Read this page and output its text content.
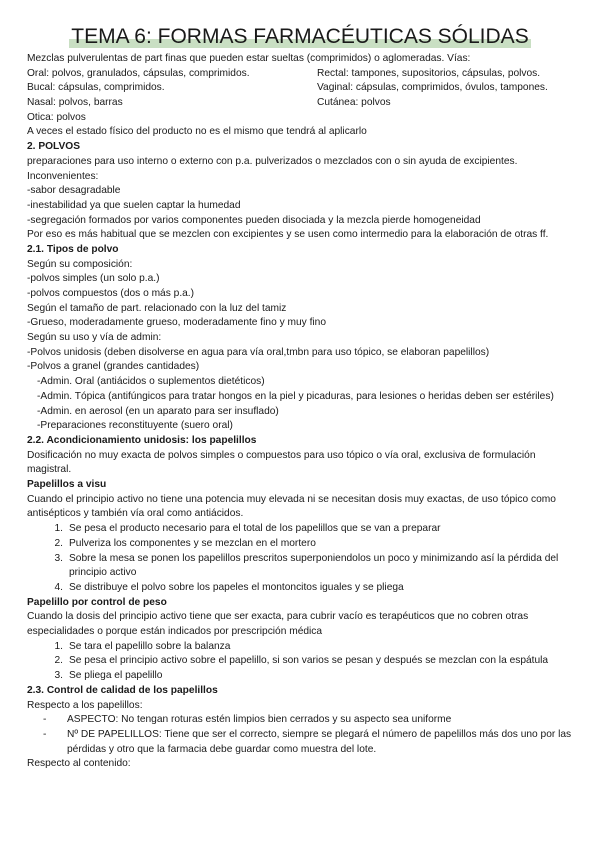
TEMA 6: FORMAS FARMACÉUTICAS SÓLIDAS
Mezclas pulverulentas de part finas que pueden estar sueltas (comprimidos) o aglomeradas. Vías:
Oral: polvos, granulados, cápsulas, comprimidos.	Rectal: tampones, supositorios, cápsulas, polvos.
Bucal: cápsulas, comprimidos.	Vaginal: cápsulas, comprimidos, óvulos, tampones.
Nasal: polvos, barras	Cutánea: polvos
Otica: polvos
A veces el estado físico del producto no es el mismo que tendrá al aplicarlo
2. POLVOS
preparaciones para uso interno o externo con p.a. pulverizados o mezclados con o sin ayuda de excipientes.
Inconvenientes:
-sabor desagradable
-inestabilidad ya que suelen captar la humedad
-segregación formados por varios componentes pueden disociada y la mezcla pierde homogeneidad
Por eso es más habitual que se mezclen con excipientes y se usen como intermedio para la elaboración de otras ff.
2.1. Tipos de polvo
Según su composición:
-polvos simples (un solo p.a.)
-polvos compuestos (dos o más p.a.)
Según el tamaño de part. relacionado con la luz del tamiz
-Grueso, moderadamente grueso, moderadamente fino y muy fino
Según su uso y vía de admin:
-Polvos unidosis (deben disolverse en agua para vía oral,tmbn para uso tópico, se elaboran papelillos)
-Polvos a granel (grandes cantidades)
-Admin. Oral (antiácidos o suplementos dietéticos)
-Admin. Tópica (antifúngicos para tratar hongos en la piel y picaduras, para lesiones o heridas deben ser estériles)
-Admin. en aerosol (en un aparato para ser insuflado)
-Preparaciones reconstituyente (suero oral)
2.2. Acondicionamiento unidosis: los papelillos
Dosificación no muy exacta de polvos simples o compuestos para uso tópico o vía oral, exclusiva de formulación magistral.
Papelillos a visu
Cuando el principio activo no tiene una potencia muy elevada ni se necesitan dosis muy exactas, de uso tópico como antisépticos y también vía oral como antiácidos.
1. Se pesa el producto necesario para el total de los papelillos que se van a preparar
2. Pulveriza los componentes y se mezclan en el mortero
3. Sobre la mesa se ponen los papelillos prescritos superponiendolos un poco y minimizando así la pérdida del principio activo
4. Se distribuye el polvo sobre los papeles el montoncitos iguales y se pliega
Papelillo por control de peso
Cuando la dosis del principio activo tiene que ser exacta, para cubrir vacío es terapéuticos que no cobren otras especialidades o porque están indicados por prescripción médica
1. Se tara el papelillo sobre la balanza
2. Se pesa el principio activo sobre el papelillo, si son varios se pesan y después se mezclan con la espátula
3. Se pliega el papelillo
2.3. Control de calidad de los papelillos
Respecto a los papelillos:
-	ASPECTO: No tengan roturas estén limpios bien cerrados y su aspecto sea uniforme
-	Nº DE PAPELILLOS: Tiene que ser el correcto, siempre se plegará el número de papelillos más dos uno por las pérdidas y otro que la farmacia debe guardar como muestra del lote.
Respecto al contenido:
